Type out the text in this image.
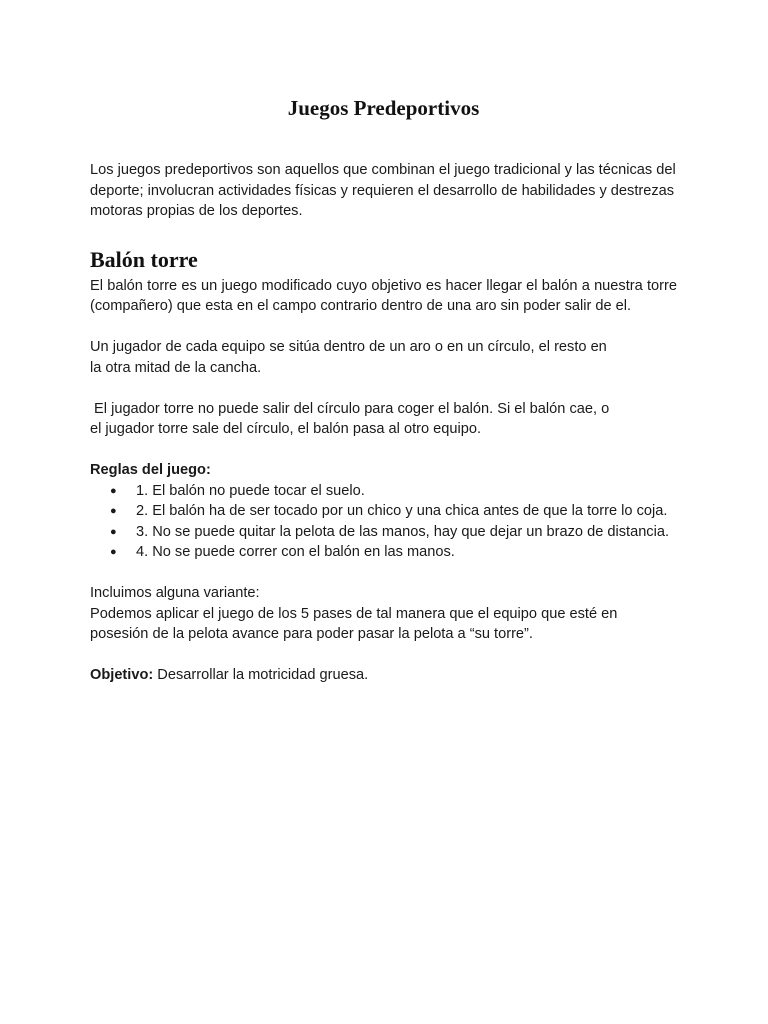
Juegos Predeportivos

Los juegos predeportivos son aquellos que combinan el juego tradicional y las técnicas del deporte; involucran actividades físicas y requieren el desarrollo de habilidades y destrezas motoras propias de los deportes.

Balón torre

El balón torre es un juego modificado cuyo objetivo es hacer llegar el balón a nuestra torre (compañero) que esta en el campo contrario dentro de una aro sin poder salir de el.

Un jugador de cada equipo se sitúa dentro de un aro o en un círculo, el resto en
la otra mitad de la cancha.

El jugador torre no puede salir del círculo para coger el balón. Si el balón cae, o
el jugador torre sale del círculo, el balón pasa al otro equipo.

Reglas del juego:

● 1. El balón no puede tocar el suelo.
● 2. El balón ha de ser tocado por un chico y una chica antes de que la torre lo coja.
● 3. No se puede quitar la pelota de las manos, hay que dejar un brazo de distancia.
● 4. No se puede correr con el balón en las manos.

Incluimos alguna variante:

Podemos aplicar el juego de los 5 pases de tal manera que el equipo que esté en posesión de la pelota avance para poder pasar la pelota a “su torre”.

Objetivo: Desarrollar la motricidad gruesa.
